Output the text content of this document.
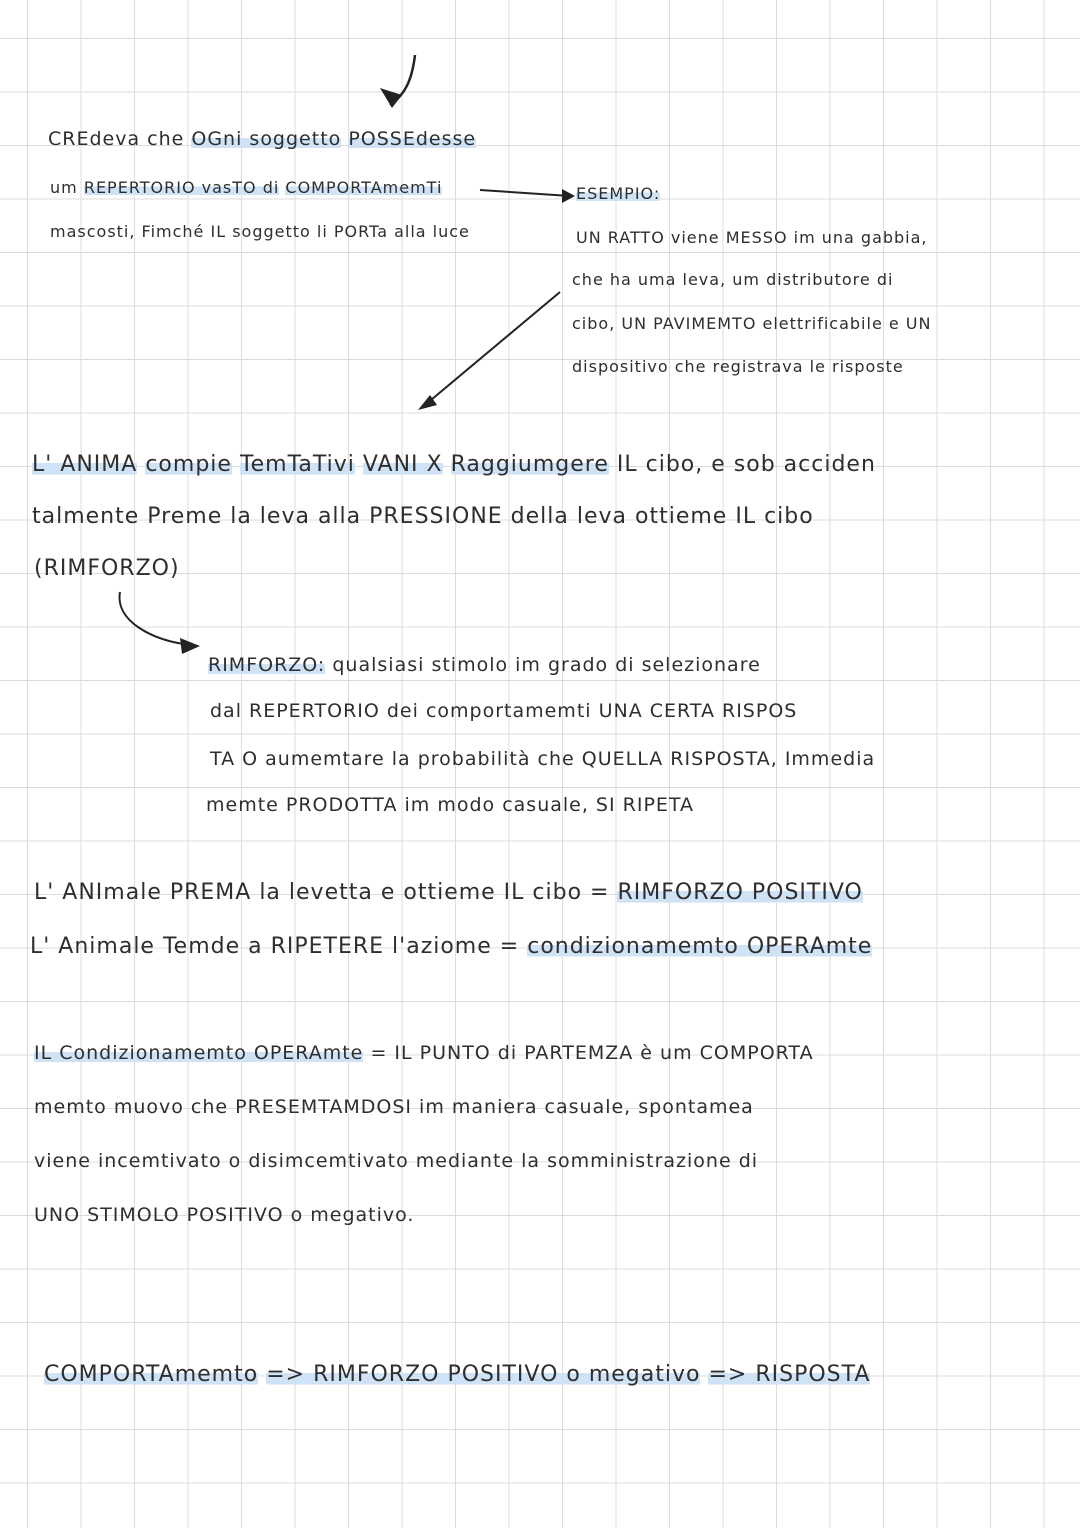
CREdeva che OGni soggetto POSSEdesse
um REPERTORIO vasTO di COMPORTAmemTi
mascosti, Fimché IL soggetto li PORTa alla luce
ESEMPIO:
UN RATTO viene MESSO im una gabbia,
che ha uma leva, um distributore di
cibo, UN PAVIMEMTO elettrificabile e UN
dispositivo che registrava le risposte
L' ANIMA compie TemTaTivi VANI X Raggiumgere IL cibo, e sob acciden
talmente Preme la leva alla PRESSIONE della leva ottieme IL cibo
(RIMFORZO)
RIMFORZO: qualsiasi stimolo im grado di selezionare
dal REPERTORIO dei comportamemti UNA CERTA RISPOS
TA O aumemtare la probabilità che QUELLA RISPOSTA, Immedia
memte PRODOTTA im modo casuale, SI RIPETA
L' ANImale PREMA la levetta e ottieme IL cibo = RIMFORZO POSITIVO
L' Animale Temde a RIPETERE l'aziome = condizionamemto OPERAmte
IL Condizionamemto OPERAmte = IL PUNTO di PARTEMZA è um COMPORTA
memto muovo che PRESEMTAMDOSI im maniera casuale, spontamea
viene incemtivato o disimcemtivato mediante la somministrazione di
UNO STIMOLO POSITIVO o megativo.
COMPORTAmemto => RIMFORZO POSITIVO o megativo => RISPOSTA
